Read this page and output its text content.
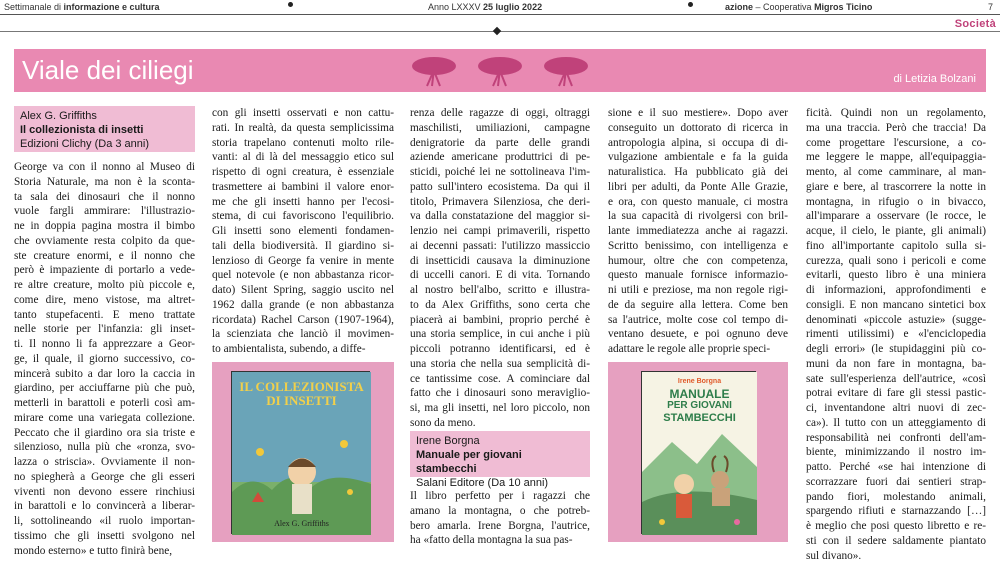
Settimanale di informazione e cultura	Anno LXXXV 25 luglio 2022	azione – Cooperativa Migros Ticino	7
Società
Viale dei ciliegi	di Letizia Bolzani
Alex G. Griffiths
Il collezionista di insetti
Edizioni Clichy (Da 3 anni)

George va con il nonno al Museo di

Storia Naturale, ma non è la sconta-

ta sala dei dinosauri che il nonno

vuole fargli ammirare: l'illustrazio-

ne in doppia pagina mostra il bimbo

che ovviamente resta colpito da que-

ste creature enormi, e il nonno che

però è impaziente di portarlo a vede-

re altre creature, molto più piccole e,

come dire, meno vistose, ma altret-

tanto stupefacenti. E meno trattate

nelle storie per l'infanzia: gli inset-

ti. Il nonno li fa apprezzare a Geor-

ge, il quale, il giorno successivo, co-

mincerà subito a dar loro la caccia in

giardino, per acciuffarne più che può,

metterli in barattoli e poterli così am-

mirare come una variegata collezione.

Peccato che il giardino ora sia triste e

silenzioso, nulla più che «ronza, svo-

lazza o striscia». Ovviamente il non-

no spiegherà a George che gli esseri

viventi non devono essere rinchiusi

in barattoli e lo convincerà a liberar-

li, sottolineando «il ruolo importan-

tissimo che gli insetti svolgono nel

mondo esterno» e tutto finirà bene,

con gli insetti osservati e non cattu-

rati. In realtà, da questa semplicissima

storia trapelano contenuti molto rile-

vanti: al di là del messaggio etico sul

rispetto di ogni creatura, è essenziale

trasmettere ai bambini il valore enor-

me che gli insetti hanno per l'ecosi-

stema, di cui favoriscono l'equilibrio.

Gli insetti sono elementi fondamen-

tali della biodiversità. Il giardino si-

lenzioso di George fa venire in mente

quel notevole (e non abbastanza ricor-

dato) Silent Spring, saggio uscito nel

1962 dalla grande (e non abbastanza

ricordata) Rachel Carson (1907-1964),

la scienziata che lanciò il movimen-

to ambientalista, subendo, a diffe-

IL COLLEZIONISTA DI INSETTI
Alex G. Griffiths

renza delle ragazze di oggi, oltraggi

maschilisti, umiliazioni, campagne

denigratorie da parte delle grandi

aziende americane produttrici di pe-

sticidi, poiché lei ne sottolineava l'im-

patto sull'intero ecosistema. Da qui il

titolo, Primavera Silenziosa, che deri-

va dalla constatazione del maggior si-

lenzio nei campi primaverili, rispetto

ai decenni passati: l'utilizzo massiccio

di insetticidi causava la diminuzione

di uccelli canori. E di vita. Tornando

al nostro bell'albo, scritto e illustra-

to da Alex Griffiths, sono certa che

piacerà ai bambini, proprio perché è

una storia semplice, in cui anche i più

piccoli potranno identificarsi, ed è

una storia che nella sua semplicità di-

ce tantissime cose. A cominciare dal

fatto che i dinosauri sono meraviglio-

si, ma gli insetti, nel loro piccolo, non

sono da meno.

Irene Borgna
Manuale per giovani stambecchi
Salani Editore (Da 10 anni)

Il libro perfetto per i ragazzi che

amano la montagna, o che potreb-

bero amarla. Irene Borgna, l'autrice,

ha «fatto della montagna la sua pas-

sione e il suo mestiere». Dopo aver

conseguito un dottorato di ricerca in

antropologia alpina, si occupa di di-

vulgazione ambientale e fa la guida

naturalistica. Ha pubblicato già dei

libri per adulti, da Ponte Alle Grazie,

e ora, con questo manuale, ci mostra

la sua capacità di rivolgersi con bril-

lante immediatezza anche ai ragazzi.

Scritto benissimo, con intelligenza e

humour, oltre che con competenza,

questo manuale fornisce informazio-

ni utili e preziose, ma non regole rigi-

de da seguire alla lettera. Come ben

sa l'autrice, molte cose col tempo di-

ventano desuete, e poi ognuno deve

adattare le regole alle proprie speci-

Irene Borgna
MANUALE
PER GIOVANI
STAMBECCHI

ficità. Quindi non un regolamento,

ma una traccia. Però che traccia! Da

come progettare l'escursione, a co-

me leggere le mappe, all'equipaggia-

mento, al come camminare, al man-

giare e bere, al trascorrere la notte in

montagna, in rifugio o in bivacco,

all'imparare a osservare (le rocce, le

acque, il cielo, le piante, gli animali)

fino all'importante capitolo sulla si-

curezza, quali sono i pericoli e come

evitarli, questo libro è una miniera

di informazioni, approfondimenti e

consigli. E non mancano sintetici box

denominati «piccole astuzie» (sugge-

rimenti utilissimi) e «l'enciclopedia

degli errori» (le stupidaggini più co-

muni da non fare in montagna, ba-

sate sull'esperienza dell'autrice, «così

potrai evitare di fare gli stessi pastic-

ci, inventandone altri nuovi di zec-

ca»). Il tutto con un atteggiamento di

responsabilità nei confronti dell'am-

biente, minimizzando il nostro im-

patto. Perché «se hai intenzione di

scorrazzare fuori dai sentieri strap-

pando fiori, molestando animali,

spargendo rifiuti e starnazzando […]

è meglio che posi questo libretto e re-

sti con il sedere saldamente piantato

sul divano».
